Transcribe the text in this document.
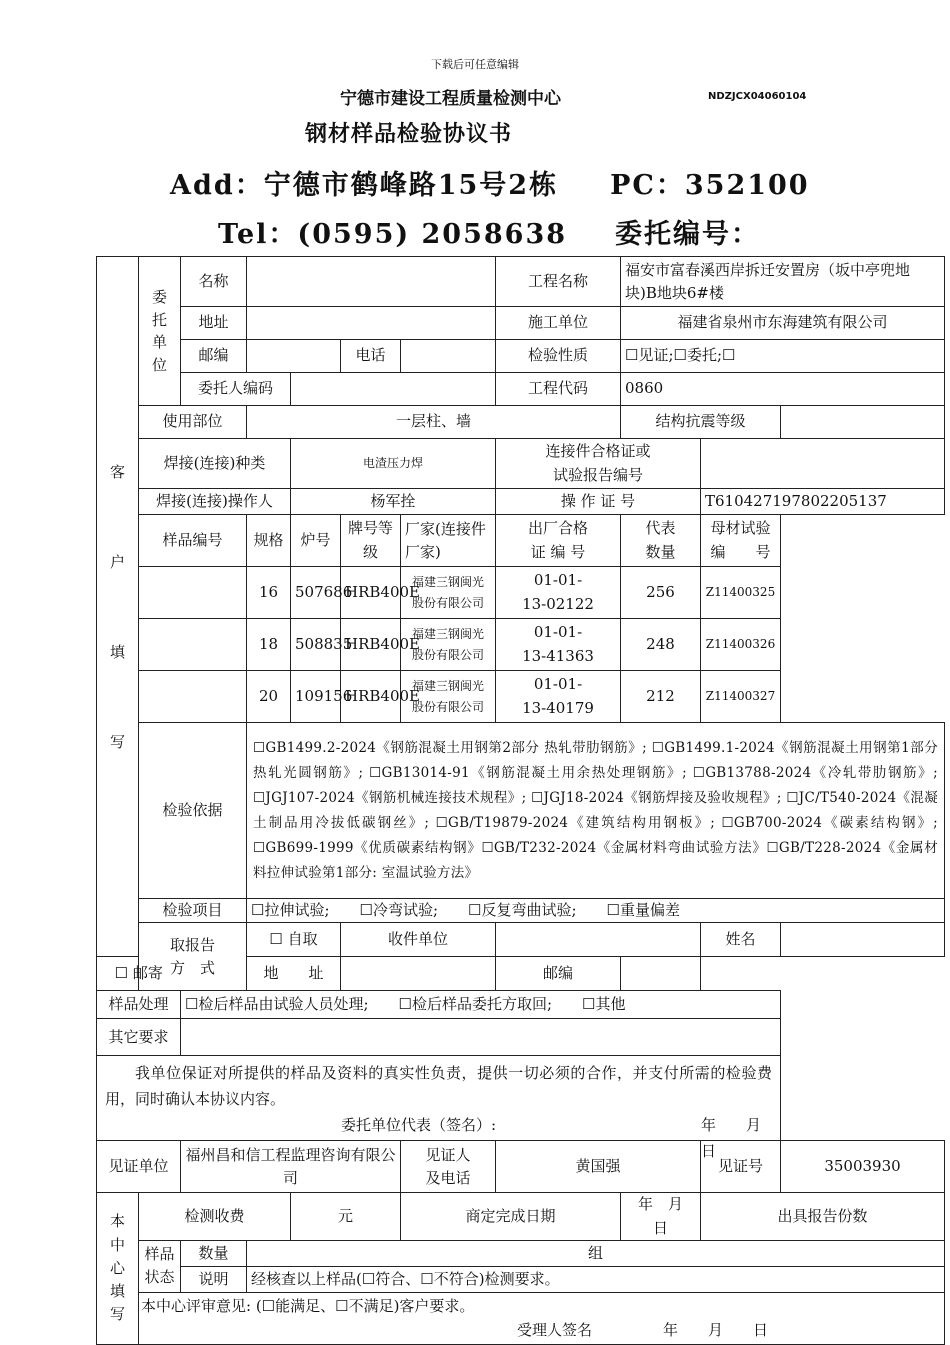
下载后可任意编辑
宁德市建设工程质量检测中心	NDZJCX04060104
钢材样品检验协议书
Add：宁德市鹤峰路15号2栋 PC：352100
Tel：(0595) 2058638 委托编号：
客

户

填

写	委
托
单
位	名称					工程名称	福安市富春溪西岸拆迁安置房（坂中亭兜地块)B地块6#楼			
		地址					施工单位	福建省泉州市东海建筑有限公司			
		邮编			电话		检验性质	☐见证;☐委托;☐			
		委托人编码					工程代码	0860			
	使用部位		一层柱、墙					结构抗震等级			
	焊接(连接)种类			电渣压力焊			连接件合格证或
试验报告编号				
	焊接(连接)操作人			杨军拴			操 作 证 号		T610427197802205137		
	样品编号		规格	炉号	牌号等级	厂家(连接件厂家)	出厂合格
证 编 号	代表
数量	母材试验
编　　号		
			16	507686	HRB400E	福建三钢闽光
股份有限公司	01-01-
13-02122	256	Z11400325		
			18	508835	HRB400E	福建三钢闽光
股份有限公司	01-01-
13-41363	248	Z11400326		
			20	109156	HRB400E	福建三钢闽光
股份有限公司	01-01-
13-40179	212	Z11400327		
	检验依据		☐GB1499.2-2024《钢筋混凝土用钢第2部分 热轧带肋钢筋》; ☐GB1499.1-2024《钢筋混凝土用钢第1部分 热轧光圆钢筋》; ☐GB13014-91《钢筋混凝土用余热处理钢筋》; ☐GB13788-2024《冷轧带肋钢筋》; ☐JGJ107-2024《钢筋机械连接技术规程》; ☐JGJ18-2024《钢筋焊接及验收规程》; ☐JC/T540-2024《混凝土制品用冷拔低碳钢丝》; ☐GB/T19879-2024《建筑结构用钢板》; ☐GB700-2024《碳素结构钢》; ☐GB699-1999《优质碳素结构钢》☐GB/T232-2024《金属材料弯曲试验方法》☐GB/T228-2024《金属材料拉伸试验第1部分: 室温试验方法》								
	检验项目		☐拉伸试验;　　☐冷弯试验;　　☐反复弯曲试验;　　☐重量偏差								
	取报告
方　式		☐ 自取		收件单位				姓名		
☐ 邮寄			地　　址				邮编				
样品处理		☐检后样品由试验人员处理;　　☐检后样品委托方取回;　　☐其他									
其它要求											

我单位保证对所提供的样品及资料的真实性负责，提供一切必须的合作，并支付所需的检验费用，同时确认本协议内容。
委托单位代表（签名）: 年　　月　　日											

见证单位		福州昌和信工程监理咨询有限公司				见证人
及电话	黄国强		见证号	35003930	
本
中
心
填
写	检测收费			元		商定完成日期		年　月　日	出具报告份数	
	样品
状态	数量	组								
		说明	经核查以上样品(☐符合、☐不符合)检测要求。								

	本中心评审意见: (☐能满足、☐不满足)客户要求。
受理人签名 年　　月　　日										
